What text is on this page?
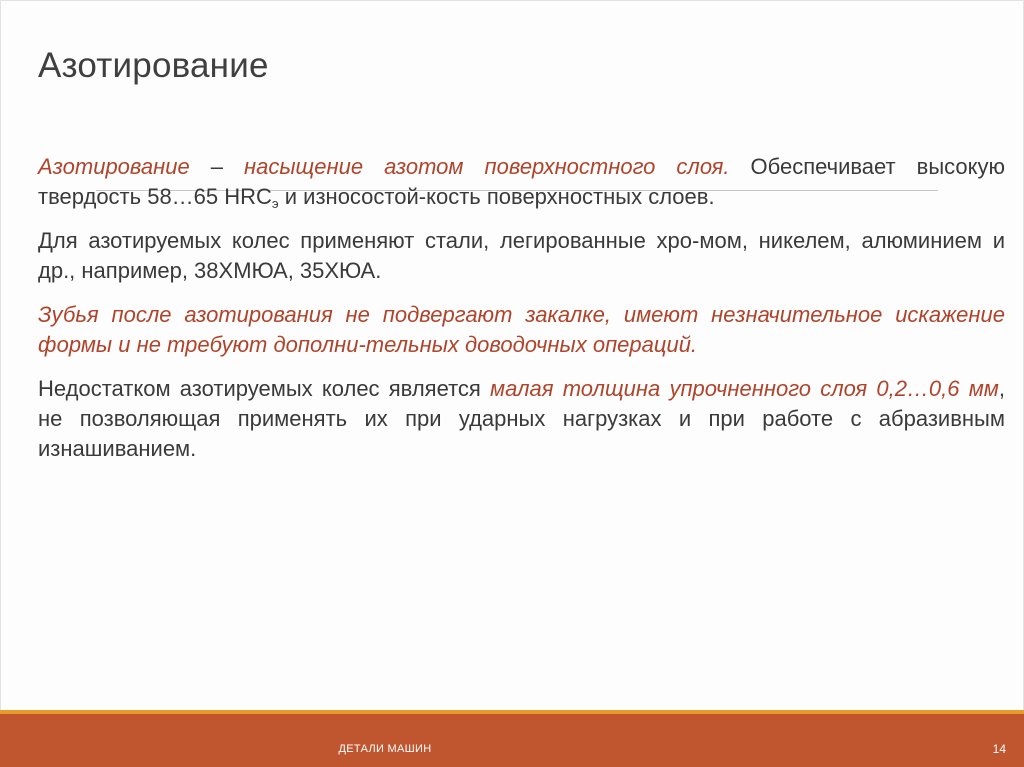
Азотирование

Азотирование – насыщение азотом поверхностного слоя. Обеспечивает высокую твердость 58…65 $HRC_э$ и износостой-кость поверхностных слоев.

Для азотируемых колес применяют стали, легированные хро-мом, никелем, алюминием и др., например, 38ХМЮА, 35ХЮА.

Зубья после азотирования не подвергают закалке, имеют незначительное искажение формы и не требуют дополни-тельных доводочных операций.

Недостатком азотируемых колес является малая толщина упрочненного слоя 0,2…0,6 мм, не позволяющая применять их при ударных нагрузках и при работе с абразивным изнашиванием.

ДЕТАЛИ МАШИН	14
